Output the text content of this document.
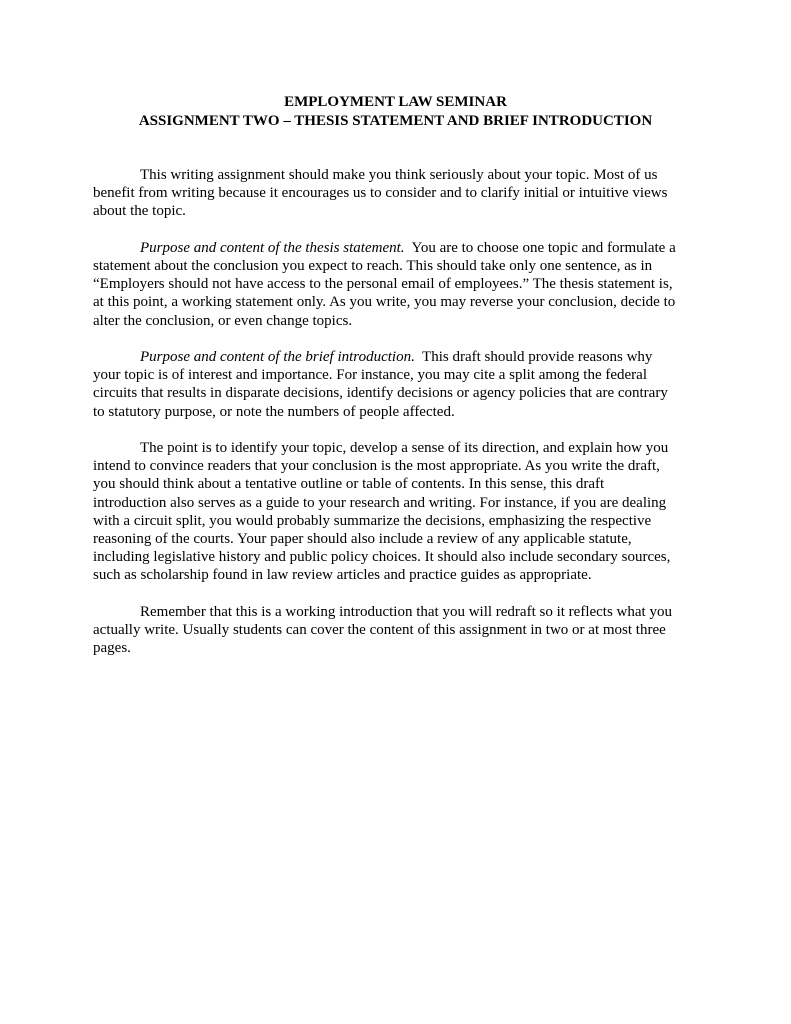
EMPLOYMENT LAW SEMINAR
ASSIGNMENT TWO – THESIS STATEMENT AND BRIEF INTRODUCTION
This writing assignment should make you think seriously about your topic. Most of us
benefit from writing because it encourages us to consider and to clarify initial or intuitive views
about the topic.
Purpose and content of the thesis statement.  You are to choose one topic and formulate a
statement about the conclusion you expect to reach. This should take only one sentence, as in
“Employers should not have access to the personal email of employees.” The thesis statement is,
at this point, a working statement only. As you write, you may reverse your conclusion, decide to
alter the conclusion, or even change topics.
Purpose and content of the brief introduction.  This draft should provide reasons why
your topic is of interest and importance. For instance, you may cite a split among the federal
circuits that results in disparate decisions, identify decisions or agency policies that are contrary
to statutory purpose, or note the numbers of people affected.
The point is to identify your topic, develop a sense of its direction, and explain how you
intend to convince readers that your conclusion is the most appropriate. As you write the draft,
you should think about a tentative outline or table of contents. In this sense, this draft
introduction also serves as a guide to your research and writing. For instance, if you are dealing
with a circuit split, you would probably summarize the decisions, emphasizing the respective
reasoning of the courts. Your paper should also include a review of any applicable statute,
including legislative history and public policy choices. It should also include secondary sources,
such as scholarship found in law review articles and practice guides as appropriate.
Remember that this is a working introduction that you will redraft so it reflects what you
actually write. Usually students can cover the content of this assignment in two or at most three
pages.
